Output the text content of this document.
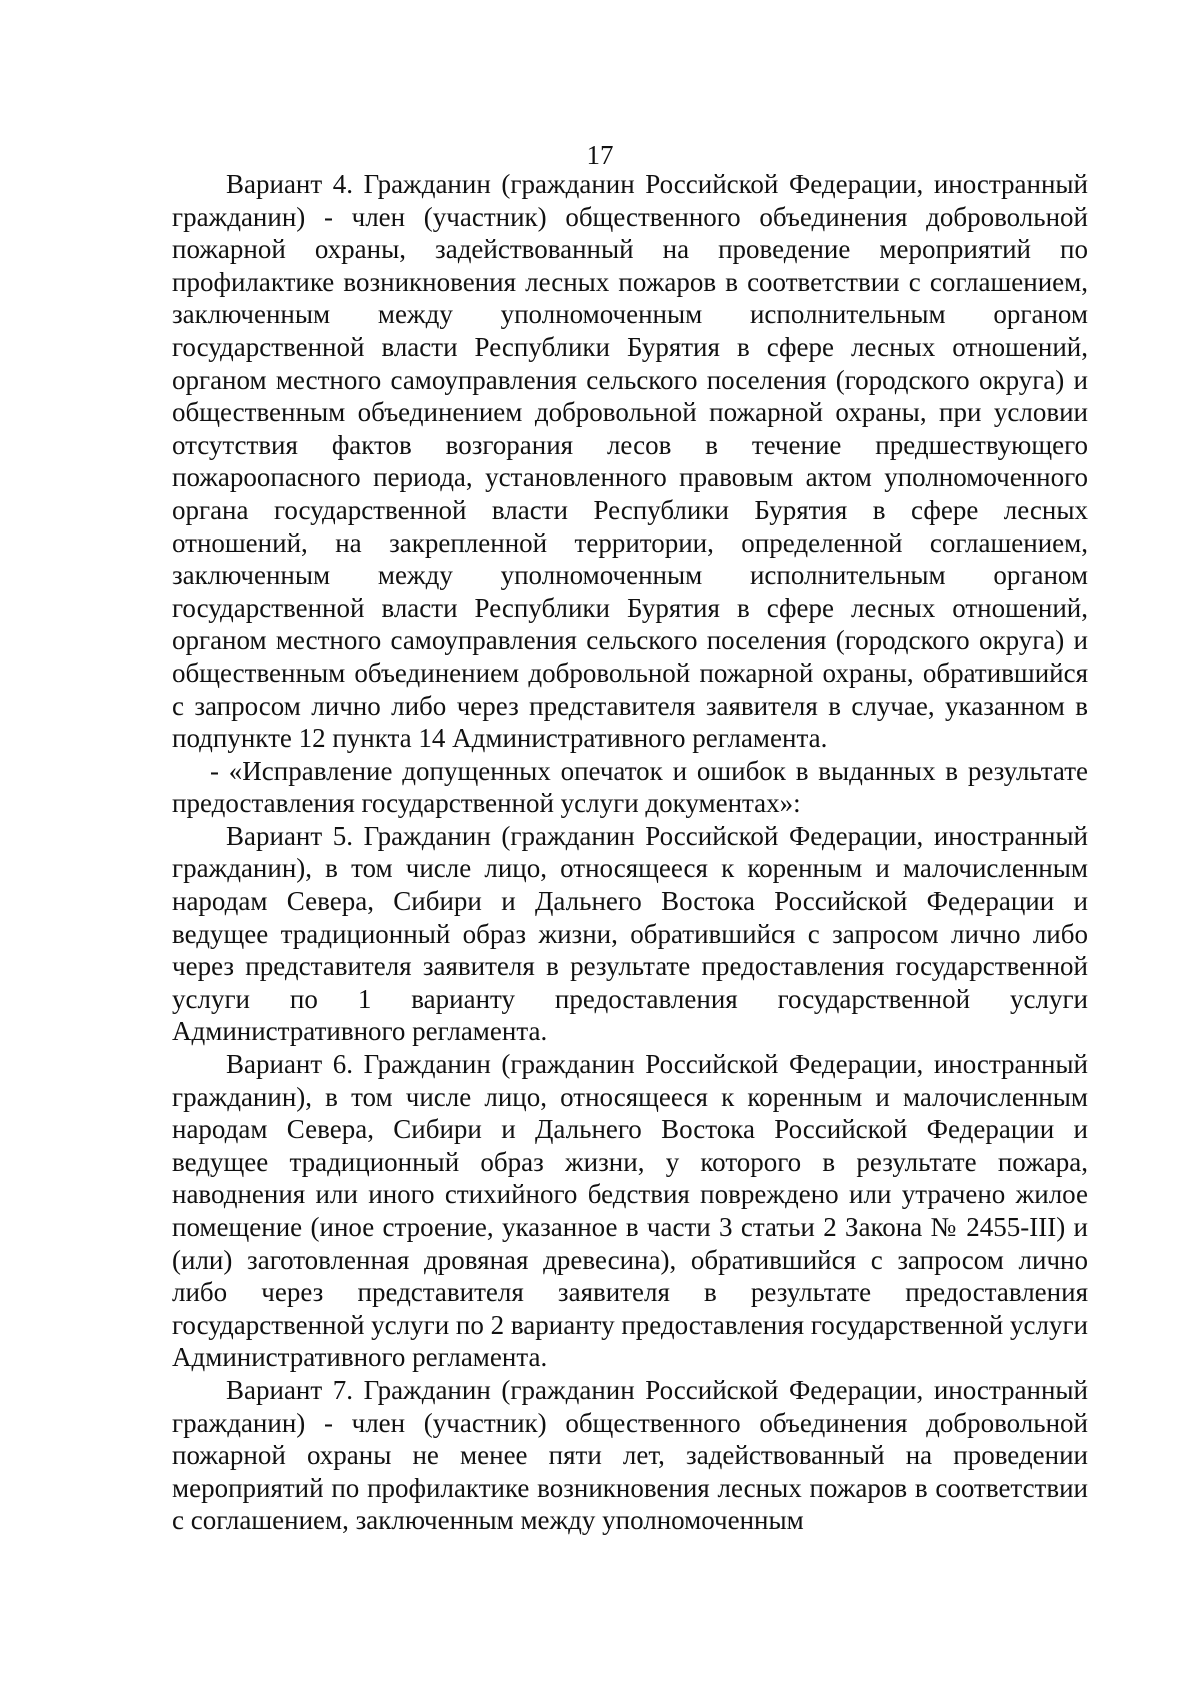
17

Вариант 4. Гражданин (гражданин Российской Федерации, иностранный гражданин) - член (участник) общественного объединения добровольной пожарной охраны, задействованный на проведение мероприятий по профилактике возникновения лесных пожаров в соответствии с соглашением, заключенным между уполномоченным исполнительным органом государственной власти Республики Бурятия в сфере лесных отношений, органом местного самоуправления сельского поселения (городского округа) и общественным объединением добровольной пожарной охраны, при условии отсутствия фактов возгорания лесов в течение предшествующего пожароопасного периода, установленного правовым актом уполномоченного органа государственной власти Республики Бурятия в сфере лесных отношений, на закрепленной территории, определенной соглашением, заключенным между уполномоченным исполнительным органом государственной власти Республики Бурятия в сфере лесных отношений, органом местного самоуправления сельского поселения (городского округа) и общественным объединением добровольной пожарной охраны, обратившийся с запросом лично либо через представителя заявителя в случае, указанном в подпункте 12 пункта 14 Административного регламента.

- «Исправление допущенных опечаток и ошибок в выданных в результате предоставления государственной услуги документах»:

Вариант 5. Гражданин (гражданин Российской Федерации, иностранный гражданин), в том числе лицо, относящееся к коренным и малочисленным народам Севера, Сибири и Дальнего Востока Российской Федерации и ведущее традиционный образ жизни, обратившийся с запросом лично либо через представителя заявителя в результате предоставления государственной услуги по 1 варианту предоставления государственной услуги Административного регламента.

Вариант 6. Гражданин (гражданин Российской Федерации, иностранный гражданин), в том числе лицо, относящееся к коренным и малочисленным народам Севера, Сибири и Дальнего Востока Российской Федерации и ведущее традиционный образ жизни, у которого в результате пожара, наводнения или иного стихийного бедствия повреждено или утрачено жилое помещение (иное строение, указанное в части 3 статьи 2 Закона № 2455-III) и (или) заготовленная дровяная древесина), обратившийся с запросом лично либо через представителя заявителя в результате предоставления государственной услуги по 2 варианту предоставления государственной услуги Административного регламента.

Вариант 7. Гражданин (гражданин Российской Федерации, иностранный гражданин) - член (участник) общественного объединения добровольной пожарной охраны не менее пяти лет, задействованный на проведении мероприятий по профилактике возникновения лесных пожаров в соответствии с соглашением, заключенным между уполномоченным
